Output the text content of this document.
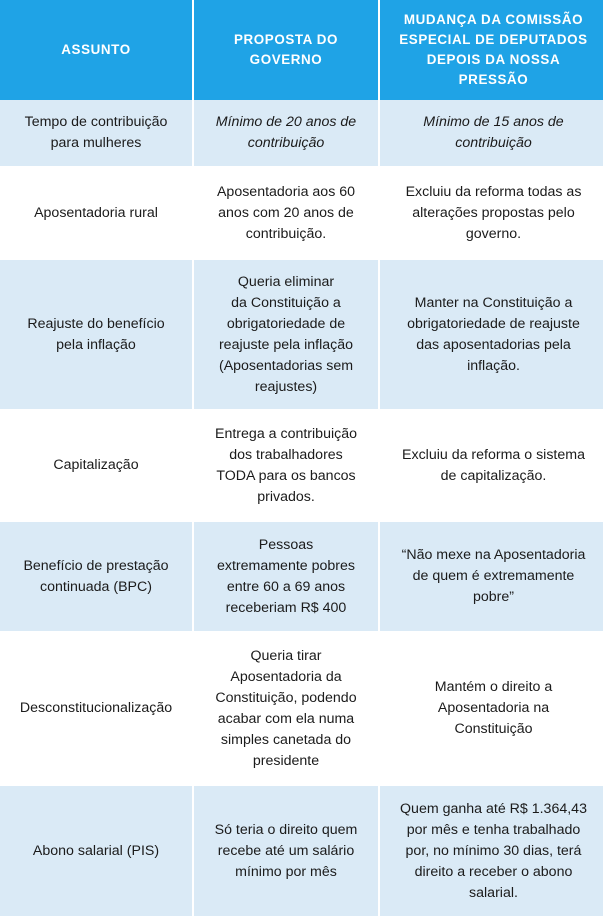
ASSUNTO
PROPOSTA DO
GOVERNO
MUDANÇA DA COMISSÃO
ESPECIAL DE DEPUTADOS
DEPOIS DA NOSSA
PRESSÃO
Tempo de contribuição
para mulheres
Mínimo de 20 anos de
contribuição
Mínimo de 15 anos de
contribuição
Aposentadoria rural
Aposentadoria aos 60
anos com 20 anos de
contribuição.
Excluiu da reforma todas as
alterações propostas pelo
governo.
Reajuste do benefício
pela inflação
Queria eliminar
da Constituição a
obrigatoriedade de
reajuste pela inflação
(Aposentadorias sem
reajustes)
Manter na Constituição a
obrigatoriedade de reajuste
das aposentadorias pela
inflação.
Capitalização
Entrega a contribuição
dos trabalhadores
TODA para os bancos
privados.
Excluiu da reforma o sistema
de capitalização.
Benefício de prestação
continuada (BPC)
Pessoas
extremamente pobres
entre 60 a 69 anos
receberiam R$ 400
“Não mexe na Aposentadoria
de quem é extremamente
pobre”
Desconstitucionalização
Queria tirar
Aposentadoria da
Constituição, podendo
acabar com ela numa
simples canetada do
presidente
Mantém o direito a
Aposentadoria na
Constituição
Abono salarial (PIS)
Só teria o direito quem
recebe até um salário
mínimo por mês
Quem ganha até R$ 1.364,43
por mês e tenha trabalhado
por, no mínimo 30 dias, terá
direito a receber o abono
salarial.
